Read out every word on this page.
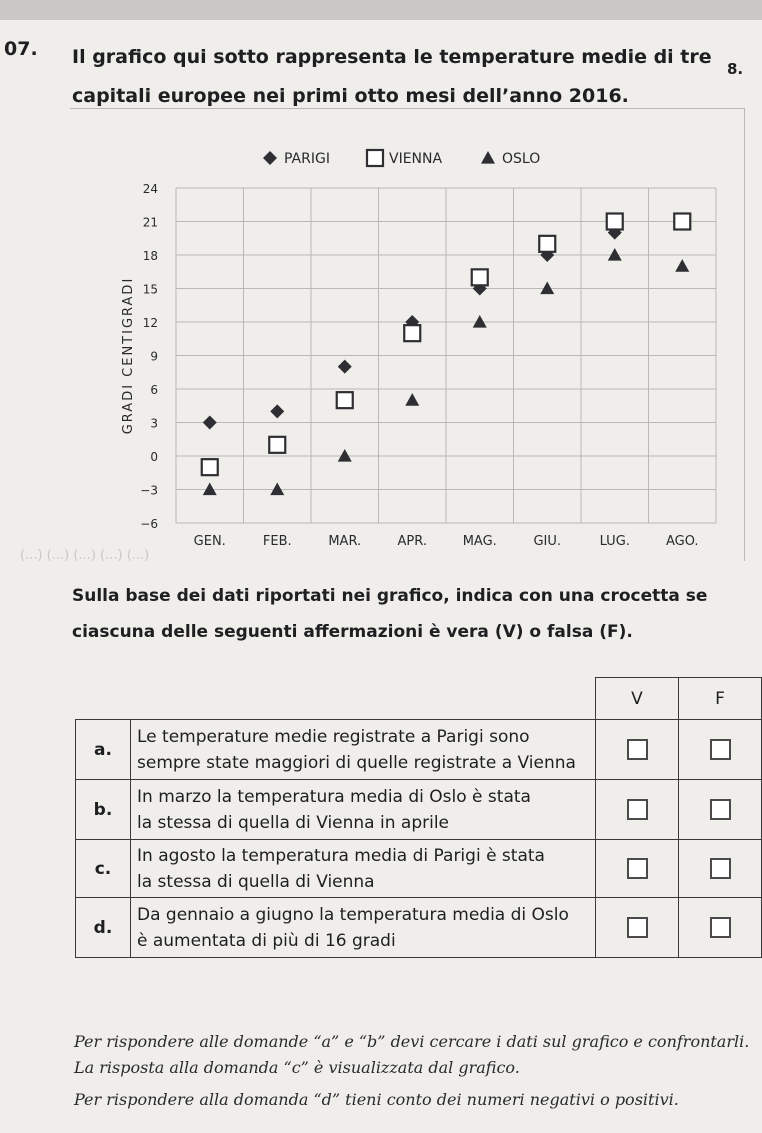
07. Il grafico qui sotto rappresenta le temperature medie di tre capitali europee nei primi otto mesi dell’anno 2016.
8.
24
21
18
15
12
9
6
3
0
−3
−6
GRADI CENTIGRADI
GEN.	FEB.	MAR.	APR.	MAG.	GIU.	LUG.	AGO.
PARIGI	VIENNA	OSLO
(...) (...) (...) (...) (...)
Sulla base dei dati riportati nei grafico, indica con una crocetta se ciascuna delle seguenti affermazioni è vera (V) o falsa (F).
		V	F
a.	Le temperature medie registrate a Parigi sono
sempre state maggiori di quelle registrate a Vienna		

b.	In marzo la temperatura media di Oslo è stata
la stessa di quella di Vienna in aprile		

c.	In agosto la temperatura media di Parigi è stata
la stessa di quella di Vienna		

d.	Da gennaio a giugno la temperatura media di Oslo
è aumentata di più di 16 gradi		

Per rispondere alle domande “a” e “b” devi cercare i dati sul grafico e confrontarli.
La risposta alla domanda “c” è visualizzata dal grafico.
Per rispondere alla domanda “d” tieni conto dei numeri negativi o positivi.
